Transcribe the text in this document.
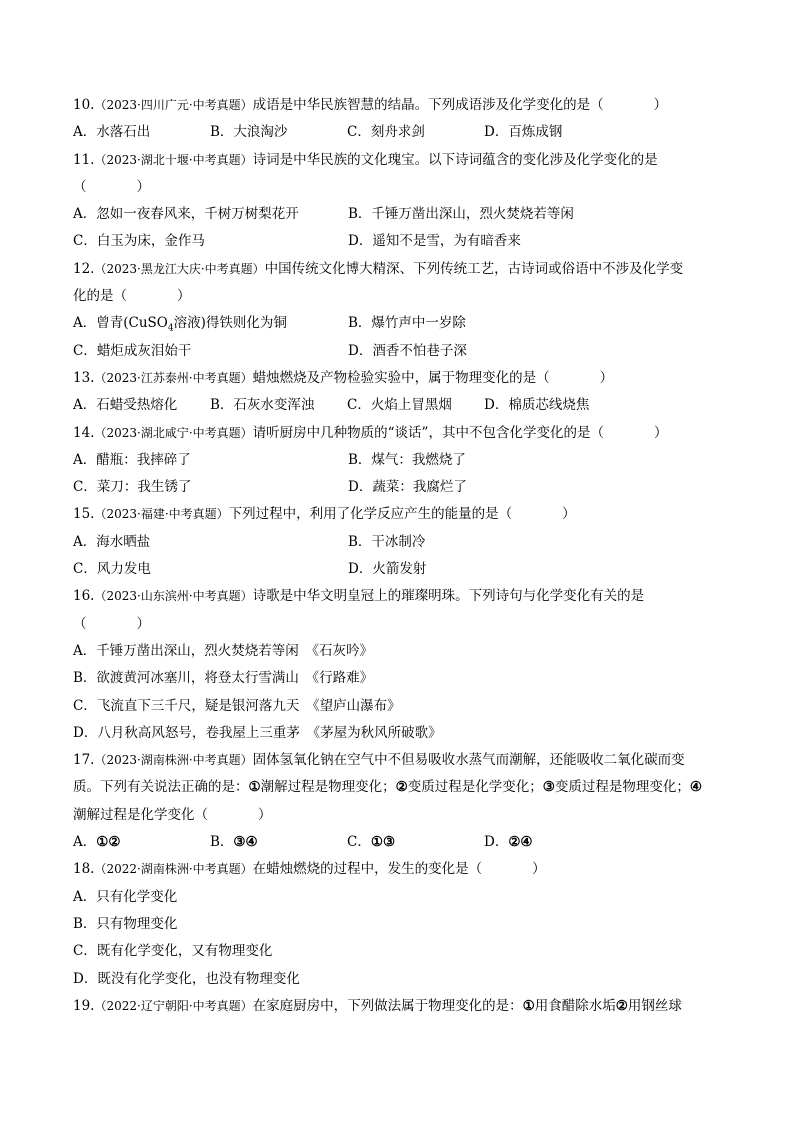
10.（2023·四川广元·中考真题）成语是中华民族智慧的结晶。下列成语涉及化学变化的是（	）
A．水落石出	B．大浪淘沙	C．刻舟求剑	D．百炼成钢
11.（2023·湖北十堰·中考真题）诗词是中华民族的文化瑰宝。以下诗词蕴含的变化涉及化学变化的是
（	）
A．忽如一夜春风来，千树万树梨花开	B．千锤万凿出深山，烈火焚烧若等闲
C．白玉为床，金作马	D．遥知不是雪，为有暗香来
12.（2023·黑龙江大庆·中考真题）中国传统文化博大精深、下列传统工艺，古诗词或俗语中不涉及化学变
化的是（	）
A．曾青(CuSO$_4$溶液)得铁则化为铜	B．爆竹声中一岁除
C．蜡炬成灰泪始干	D．酒香不怕巷子深
13.（2023·江苏泰州·中考真题）蜡烛燃烧及产物检验实验中，属于物理变化的是（	）
A．石蜡受热熔化	B．石灰水变浑浊	C．火焰上冒黑烟	D．棉质芯线烧焦
14.（2023·湖北咸宁·中考真题）请听厨房中几种物质的“谈话”，其中不包含化学变化的是（	）
A．醋瓶：我摔碎了	B．煤气：我燃烧了
C．菜刀：我生锈了	D．蔬菜：我腐烂了
15.（2023·福建·中考真题）下列过程中，利用了化学反应产生的能量的是（	）
A．海水晒盐	B．干冰制冷
C．风力发电	D．火箭发射
16.（2023·山东滨州·中考真题）诗歌是中华文明皇冠上的璀璨明珠。下列诗句与化学变化有关的是
（	）
A．千锤万凿出深山，烈火焚烧若等闲　《石灰吟》
B．欲渡黄河冰塞川，将登太行雪满山　《行路难》
C．飞流直下三千尺，疑是银河落九天　《望庐山瀑布》
D．八月秋高风怒号，卷我屋上三重茅　《茅屋为秋风所破歌》
17.（2023·湖南株洲·中考真题）固体氢氧化钠在空气中不但易吸收水蒸气而潮解，还能吸收二氧化碳而变
质。下列有关说法正确的是：①潮解过程是物理变化；②变质过程是化学变化；③变质过程是物理变化；④
潮解过程是化学变化（	）
A．①②	B．③④	C．①③	D．②④
18.（2022·湖南株洲·中考真题）在蜡烛燃烧的过程中，发生的变化是（	）
A．只有化学变化
B．只有物理变化
C．既有化学变化，又有物理变化
D．既没有化学变化，也没有物理变化
19.（2022·辽宁朝阳·中考真题）在家庭厨房中，下列做法属于物理变化的是：①用食醋除水垢②用钢丝球
